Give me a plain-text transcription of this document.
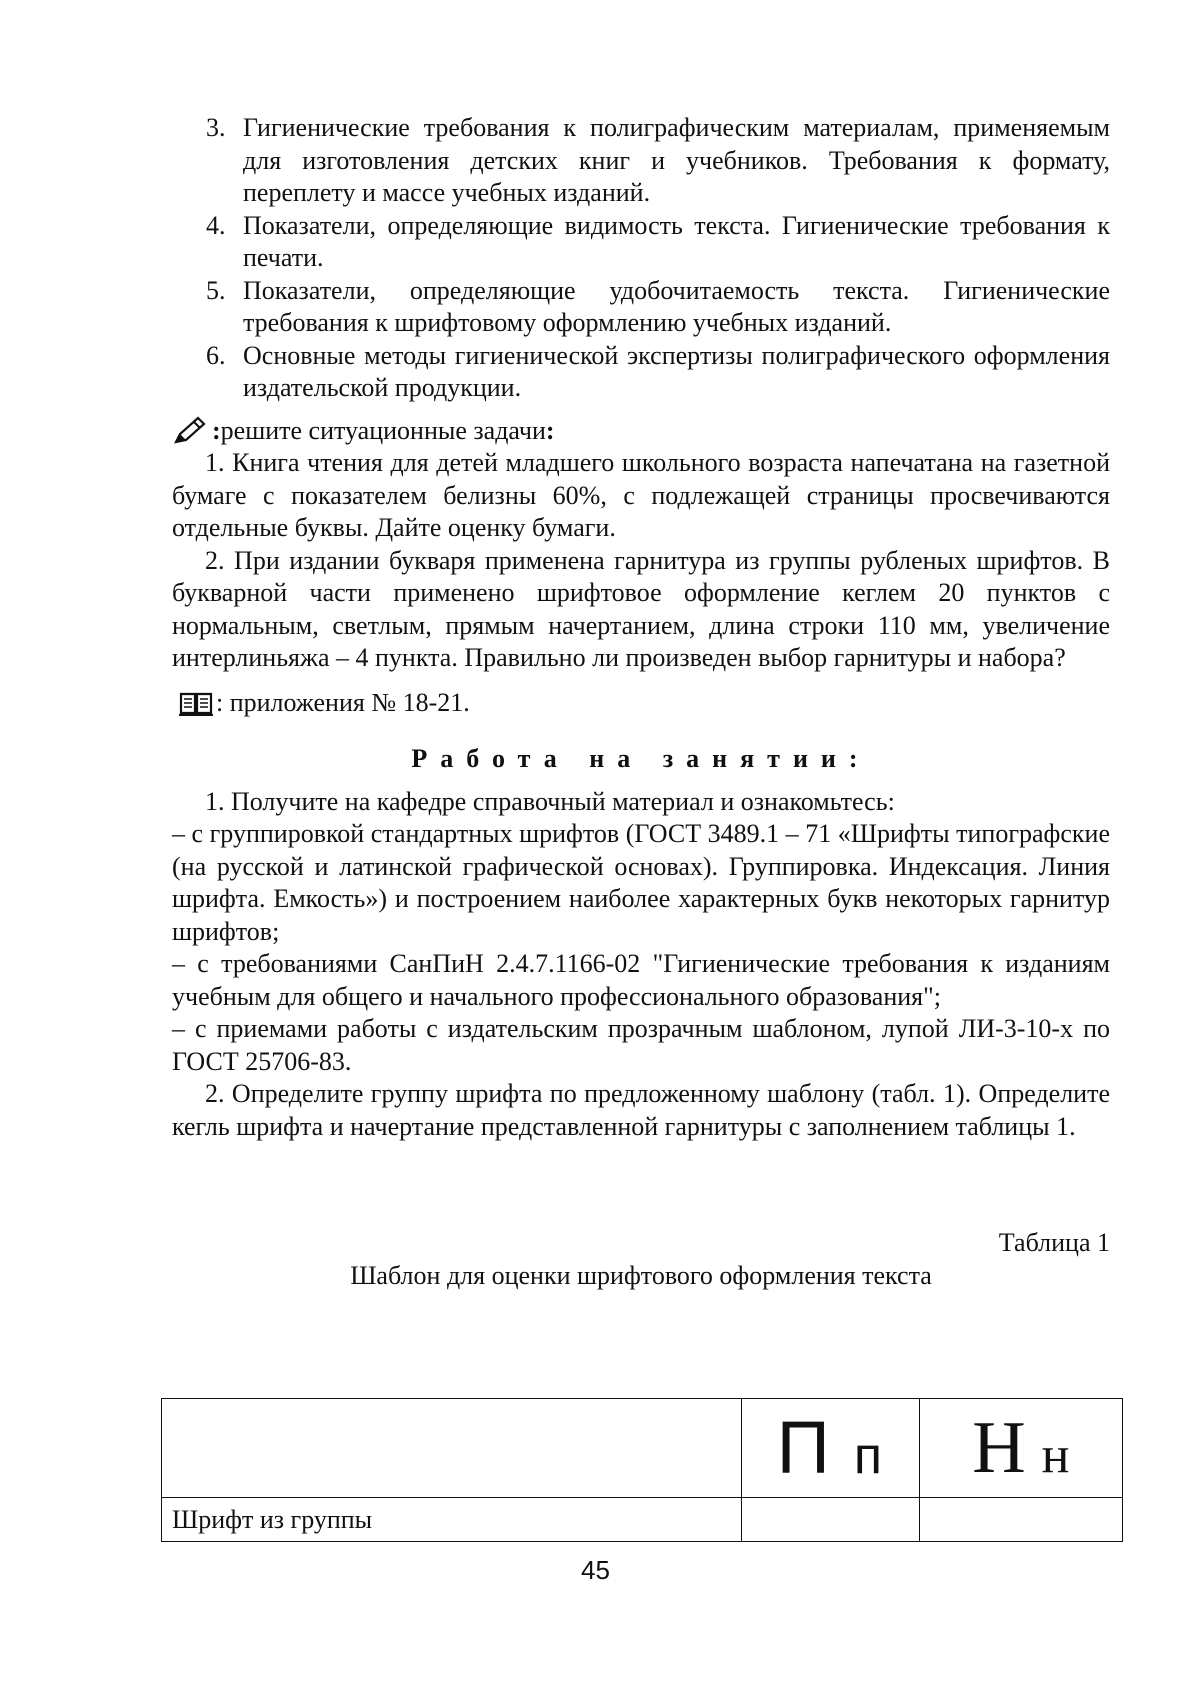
3. Гигиенические требования к полиграфическим материалам, применяемым для изготовления детских книг и учебников. Требования к формату, переплету и массе учебных изданий.
4. Показатели, определяющие видимость текста. Гигиенические требования к печати.
5. Показатели, определяющие удобочитаемость текста. Гигиенические требования к шрифтовому оформлению учебных изданий.
6. Основные методы гигиенической экспертизы полиграфического оформления издательской продукции.
: решите ситуационные задачи :

1. Книга чтения для детей младшего школьного возраста напечатана на газетной бумаге с показателем белизны 60%, с подлежащей страницы просвечиваются отдельные буквы. Дайте оценку бумаги.

2. При издании букваря применена гарнитура из группы рубленых шрифтов. В букварной части применено шрифтовое оформление кеглем 20 пунктов с нормальным, светлым, прямым начертанием, длина строки 110 мм, увеличение интерлиньяжа – 4 пункта. Правильно ли произведен выбор гарнитуры и набора?

: приложения № 18-21.
Работа на занятии:

1. Получите на кафедре справочный материал и ознакомьтесь:

– с группировкой стандартных шрифтов (ГОСТ 3489.1 – 71 «Шрифты типографские (на русской и латинской графической основах). Группировка. Индексация. Линия шрифта. Емкость») и построением наиболее характерных букв некоторых гарнитур шрифтов;

– с требованиями СанПиН 2.4.7.1166-02 "Гигиенические требования к изданиям учебным для общего и начального профессионального образования";

– с приемами работы с издательским прозрачным шаблоном, лупой ЛИ-3-10-х по ГОСТ 25706-83.

2. Определите группу шрифта по предложенному шаблону (табл. 1). Определите кегль шрифта и начертание представленной гарнитуры с заполнением таблицы 1.

Таблица 1
Шаблон для оценки шрифтового оформления текста
	П п	Н н
Шрифт из группы		
45
